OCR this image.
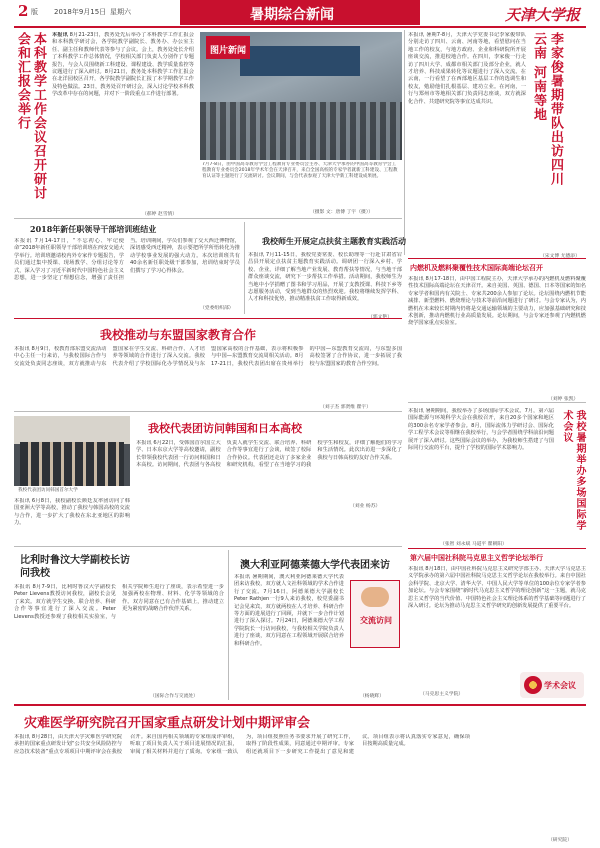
2 版 2018年9月15日 星期六	暑期综合新闻	天津大学报
本科教学工作会议召开研讨会和汇报会举行	本报讯 8月21-23日，教务处先后举办了本科教学工作汇报会和本科教学研讨会，各学院教学副院长、教务办、办公室主任、副主任和教师代表等参与了会议。会上，教务处处长介绍了本科教学工作总体情况，学校相关部门负责人分别作了专题报告，与会人员围绕新工科建设、课程建设、教学质量监控等议题进行了深入研讨。8月21日，教务处本科教学工作汇报会在北洋园校区召开，各学院教学副院长汇报了本学期教学工作及特色做法。23日，教务处召开研讨会，深入讨论学校本科教学改革中存在的问题，并对下一阶段重点工作进行部署。
（郝婷 赵雪情）
图片新闻
7月7-8日，由中国高等教育学会工程教育专业委员会主办、天津大学承办的中国高等教育学会工程教育专业委员会2018年学术年会在天津召开，来自全国高校的专家学者就新工科建设、工程教育认证等主题进行了交流研讨。会议期间，与会代表参观了天津大学新工科建设成果展。
（摄影 文：唐傅 丁宇（摄））
本报讯 暑期7-8月，天津大学党委书记李家俊带队分别走访了四川、云南、河南等地，看望慰问在当地工作的校友，与地方政府、企业和科研院所开展座谈交流，推进校地合作。在四川，李家俊一行走访了四川大学、成都市相关部门及部分企业，就人才培养、科技成果转化等议题进行了深入交流。在云南，一行看望了在西部地区基层工作的选调生和校友，勉励他们扎根基层、建功立业。在河南，一行与郑州市等地相关部门负责同志座谈，双方就深化合作、共建研究院等事宜达成共识。	李家俊暑期带队出访四川 云南 河南等地
（宋文博 尤德添）
2018年新任职领导干部培训班结业
本报讯 7月14-17日，“不忘初心、牢记使命”2018年新任职领导干部培训班在西安交通大学举行。培训班邀请校内外专家作专题报告，学员们通过集中授课、现场教学、分组讨论等方式，深入学习了习近平新时代中国特色社会主义思想，进一步坚定了理想信念，增强了责任担当。培训期间，学员们参观了交大西迁博物馆，深切感受西迁精神，表示要把所学所悟转化为推动学校事业发展的强大动力。本次培训班共有40余名新任职处级干部参加，培训结束时学员们撰写了学习心得体会。
（党委组织部）
我校师生开展定点扶贫主题教育实践活动
本报讯 7月11-15日，我校党委常委、校长助理等一行赴甘肃省宕昌县开展定点扶贫主题教育实践活动。调研团一行深入乡村、学校、企业，详细了解当地产业发展、教育帮扶等情况，与当地干部群众座谈交流，研究下一步帮扶工作举措。活动期间，我校师生为当地中小学捐赠了图书和学习用品，开展了支教授课、科技下乡等志愿服务活动，受到当地群众的热烈欢迎。我校将继续发挥学科、人才和科技优势，推动精准扶贫工作取得新成效。
（郭文艳）
内燃机及燃料聚覆性技术国际高端论坛召开
本报讯 8月17-18日，由中国工程院主办，天津大学承办的内燃机及燃料聚覆性技术国际高端论坛在天津召开。来自美国、英国、德国、日本等国家的知名专家学者和国内有关院士、专家共200余人参加了论坛。论坛围绕内燃机节能减排、新型燃料、燃烧理论与技术等前沿问题进行了研讨。与会专家认为，内燃机在未来较长时期内仍将是交通运输领域的主要动力，应加强基础研究和技术创新，推动内燃机行业高质量发展。论坛期间，与会专家还参观了内燃机燃烧学国家重点实验室。
（刘婷 张凯）
我校推动与东盟国家教育合作
本报讯 8月9日，校教育部东盟交流活动中心主任一行来访，与我校国际合作与交流处负责同志座谈，双方就推动与东盟国家在学生交流、科研合作、人才培养等领域的合作进行了深入交流。我校代表介绍了学校国际化办学情况及与东盟国家高校的合作基础，表示将积极参与中国—东盟教育交流周相关活动。8月17-21日，我校代表团出席在贵州举行的中国—东盟教育交流周，与东盟多国高校签署了合作协议，进一步拓展了我校与东盟国家的教育合作空间。
（刘子杰 郭贤维 瞿宇）
我校代表团访问韩国首尔大学
我校代表团访问韩国和日本高校
本报讯 6月22日，受韩国首尔国立大学、日本东京大学等高校邀请，副校长带领我校代表团一行访问韩国和日本高校。访问期间，代表团与各高校负责人就学生交流、联合培养、科研合作等事宜进行了会谈，续签了校际合作协议。代表团还走访了多家企业和研究机构，看望了在当地学习的我校学生和校友，详细了解他们的学习和生活情况。此次出访进一步深化了我校与日韩高校的友好合作关系。
（刘业 杨苏）
本报讯 6月8日，我校副校长颜廷友率团访问了韩国亚洲大学等高校，推动了我校与韩国高校的交流与合作，进一步扩大了我校在东北亚地区的影响力。
本报讯 暑期期间，我校举办了多场国际学术会议。7月，第六届国际能源与环境科学大会在我校召开，来自20多个国家和地区的300余名专家学者参会。8月，国际流体力学研讨会、国际化学工程学术会议等相继在我校举行，与会学者围绕学科前沿问题展开了深入研讨。这些国际会议的举办，为我校师生搭建了与国际同行交流的平台，提升了学校的国际学术影响力。	我校暑期举办多场国际学术会议
（张智 刘永斌 马道平 瞿朝阳）
比利时鲁汶大学副校长访问我校
本报讯 8月7-9日，比利时鲁汶大学副校长Peter Lievens教授访问我校，副校长会见了来宾。双方就学生交换、联合培养、科研合作等事宜进行了深入交流。Peter Lievens教授还参观了我校相关实验室，与相关学院师生进行了座谈，表示希望进一步加强两校在物理、材料、化学等领域的合作。双方同意在已有合作基础上，推动建立更为紧密的战略合作伙伴关系。
（国际合作与交流处）
澳大利亚阿德莱德大学代表团来访
本报讯 暑期期间，澳大利亚阿德莱德大学代表团来访我校，双方就人文社科领域的学术合作进行了交流。7月16日，阿德莱德大学副校长Peter Rathjen一行9人来访我校，校党委副书记会见来宾，双方就两校在人才培养、科研合作等方面的进展进行了回顾，并就下一步合作计划进行了深入探讨。7月24日，阿德莱德大学工程学院院长一行访问我校，与我校相关学院负责人进行了座谈，双方同意在工程领域开展联合培养和科研合作。
交流访问
（杨晓辉）
第六届中国社科院马克思主义哲学论坛举行
本报讯 8月18日，由中国社科院马克思主义研究学部主办、天津大学马克思主义学院承办的第六届中国社科院马克思主义哲学论坛在我校举行。来自中国社会科学院、北京大学、清华大学、中国人民大学等单位的100余位专家学者参加论坛。与会专家围绕“新时代马克思主义哲学的理论创新”这一主题，就马克思主义哲学的当代价值、中国特色社会主义理论体系的哲学基础等问题进行了深入研讨。论坛为推动马克思主义哲学研究的创新发展提供了重要平台。
学术会议
（马克思主义学院）
灾难医学研究院召开国家重点研发计划中期评审会
本报讯 8月28日，由天津大学灾难医学研究院承担的国家重点研发计划“公共安全风险防控与应急技术装备”重点专项项目中期评审会在我校召开。来自国内相关领域的专家组成评审组，听取了项目负责人关于项目进展情况的汇报，审阅了相关材料并进行了质询。专家组一致认为，项目组按照任务书要求开展了研究工作，取得了阶段性成果，同意通过中期评审。专家组还就项目下一步研究工作提出了意见和建议。项目组表示将认真落实专家意见，确保项目按期高质量完成。
（研究院）
